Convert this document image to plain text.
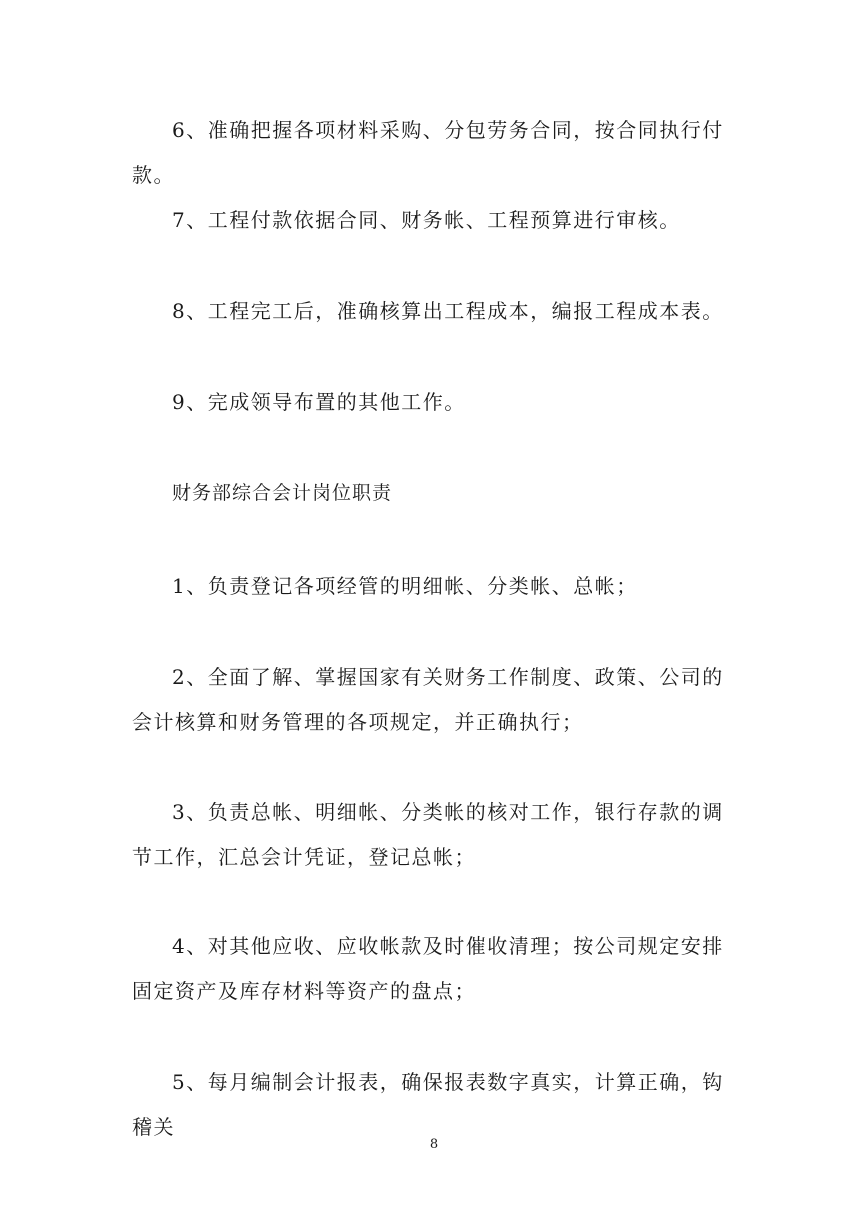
6、准确把握各项材料采购、分包劳务合同，按合同执行付款。

7、工程付款依据合同、财务帐、工程预算进行审核。

8、工程完工后，准确核算出工程成本，编报工程成本表。

9、完成领导布置的其他工作。

财务部综合会计岗位职责

1、负责登记各项经管的明细帐、分类帐、总帐；

2、全面了解、掌握国家有关财务工作制度、政策、公司的会计核算和财务管理的各项规定，并正确执行；

3、负责总帐、明细帐、分类帐的核对工作，银行存款的调节工作，汇总会计凭证，登记总帐；

4、对其他应收、应收帐款及时催收清理；按公司规定安排固定资产及库存材料等资产的盘点；

5、每月编制会计报表，确保报表数字真实，计算正确，钩稽关

8
